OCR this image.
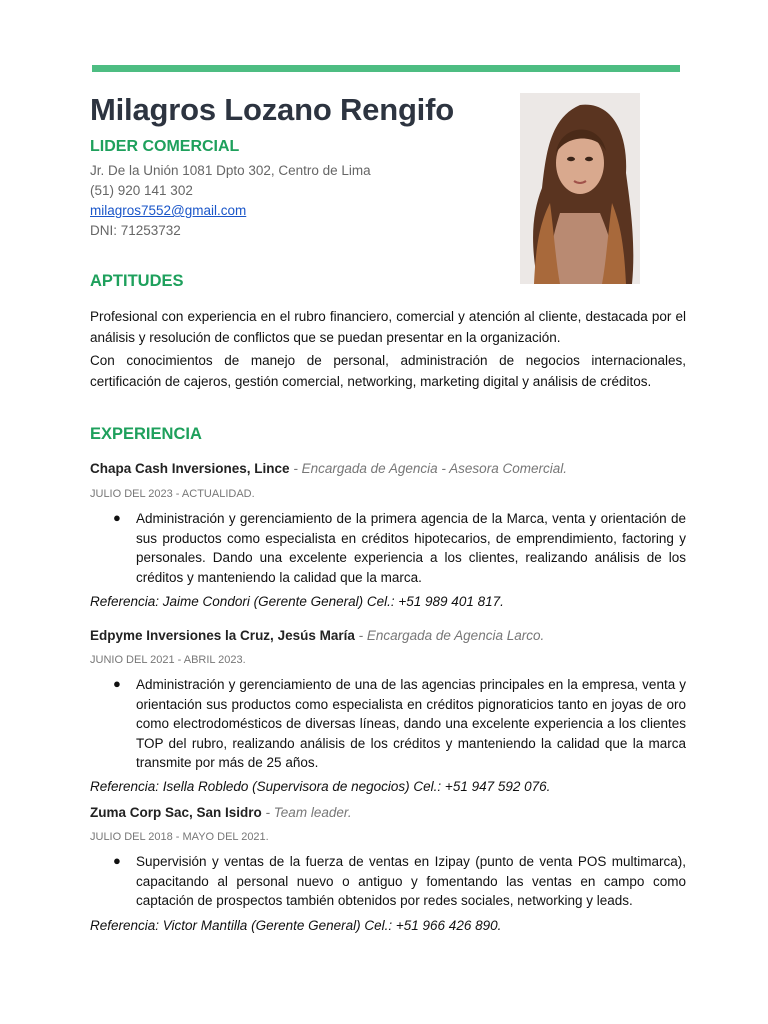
Milagros Lozano Rengifo
LIDER COMERCIAL
Jr. De la Unión 1081 Dpto 302, Centro de Lima
(51) 920 141 302
milagros7552@gmail.com
DNI: 71253732
APTITUDES
Profesional con experiencia en el rubro financiero, comercial y atención al cliente, destacada por el análisis y resolución de conflictos que se puedan presentar en la organización.
Con conocimientos de manejo de personal, administración de negocios internacionales, certificación de cajeros, gestión comercial, networking, marketing digital y análisis de créditos.
EXPERIENCIA
Chapa Cash Inversiones, Lince - Encargada de Agencia - Asesora Comercial.
JULIO DEL 2023 - ACTUALIDAD.
● Administración y gerenciamiento de la primera agencia de la Marca, venta y orientación de sus productos como especialista en créditos hipotecarios, de emprendimiento, factoring y personales. Dando una excelente experiencia a los clientes, realizando análisis de los créditos y manteniendo la calidad que la marca.
Referencia: Jaime Condori (Gerente General) Cel.: +51 989 401 817.
Edpyme Inversiones la Cruz, Jesús María - Encargada de Agencia Larco.
JUNIO DEL 2021 - ABRIL 2023.
● Administración y gerenciamiento de una de las agencias principales en la empresa, venta y orientación sus productos como especialista en créditos pignoraticios tanto en joyas de oro como electrodomésticos de diversas líneas, dando una excelente experiencia a los clientes TOP del rubro, realizando análisis de los créditos y manteniendo la calidad que la marca transmite por más de 25 años.
Referencia: Isella Robledo (Supervisora de negocios) Cel.: +51 947 592 076.
Zuma Corp Sac, San Isidro - Team leader.
JULIO DEL 2018 - MAYO DEL 2021.
● Supervisión y ventas de la fuerza de ventas en Izipay (punto de venta POS multimarca), capacitando al personal nuevo o antiguo y fomentando las ventas en campo como captación de prospectos también obtenidos por redes sociales, networking y leads.
Referencia: Victor Mantilla (Gerente General) Cel.: +51 966 426 890.
